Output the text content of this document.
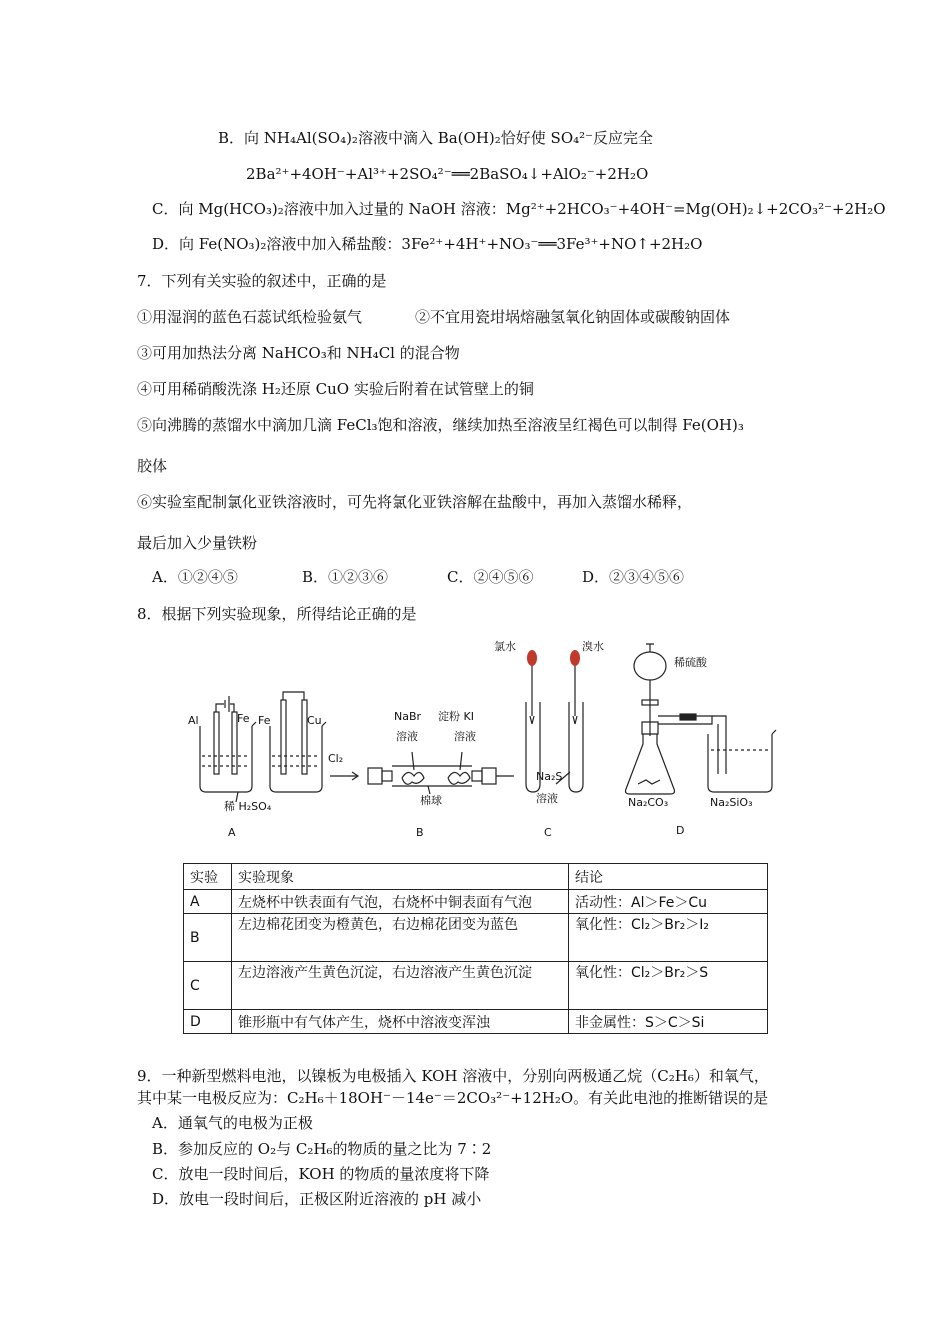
B．向 NH₄Al(SO₄)₂溶液中滴入 Ba(OH)₂恰好使 SO₄²⁻反应完全
2Ba²⁺+4OH⁻+Al³⁺+2SO₄²⁻══2BaSO₄↓+AlO₂⁻+2H₂O
C．向 Mg(HCO₃)₂溶液中加入过量的 NaOH 溶液：Mg²⁺+2HCO₃⁻+4OH⁻=Mg(OH)₂↓+2CO₃²⁻+2H₂O
D．向 Fe(NO₃)₂溶液中加入稀盐酸：3Fe²⁺+4H⁺+NO₃⁻══3Fe³⁺+NO↑+2H₂O
7．下列有关实验的叙述中，正确的是
①用湿润的蓝色石蕊试纸检验氨气	②不宜用瓷坩埚熔融氢氧化钠固体或碳酸钠固体
③可用加热法分离 NaHCO₃和 NH₄Cl 的混合物
④可用稀硝酸洗涤 H₂还原 CuO 实验后附着在试管壁上的铜
⑤向沸腾的蒸馏水中滴加几滴 FeCl₃饱和溶液，继续加热至溶液呈红褐色可以制得 Fe(OH)₃
胶体
⑥实验室配制氯化亚铁溶液时，可先将氯化亚铁溶解在盐酸中，再加入蒸馏水稀释，
最后加入少量铁粉
A．①②④⑤	B．①②③⑥	C．②④⑤⑥	D．②③④⑤⑥
8．根据下列实验现象，所得结论正确的是
Al	Fe Fe	Cu
稀 H₂SO₄
A
Cl₂
NaBr
溶液
淀粉 KI
溶液
棉球
B
氯水	溴水
Na₂S
溶液
C
稀硫酸
Na₂CO₃	Na₂SiO₃
D
实验	实验现象	结论
A	左烧杯中铁表面有气泡，右烧杯中铜表面有气泡	活动性：Al＞Fe＞Cu
B	左边棉花团变为橙黄色，右边棉花团变为蓝色	氧化性：Cl₂＞Br₂＞I₂
C	左边溶液产生黄色沉淀，右边溶液产生黄色沉淀	氧化性：Cl₂＞Br₂＞S
D	锥形瓶中有气体产生，烧杯中溶液变浑浊	非金属性：S＞C＞Si
9．一种新型燃料电池，以镍板为电极插入 KOH 溶液中，分别向两极通乙烷（C₂H₆）和氧气，
其中某一电极反应为：C₂H₆＋18OH⁻－14e⁻＝2CO₃²⁻+12H₂O。有关此电池的推断错误的是
A．通氧气的电极为正极
B．参加反应的 O₂与 C₂H₆的物质的量之比为 7∶2
C．放电一段时间后，KOH 的物质的量浓度将下降
D．放电一段时间后，正极区附近溶液的 pH 减小
